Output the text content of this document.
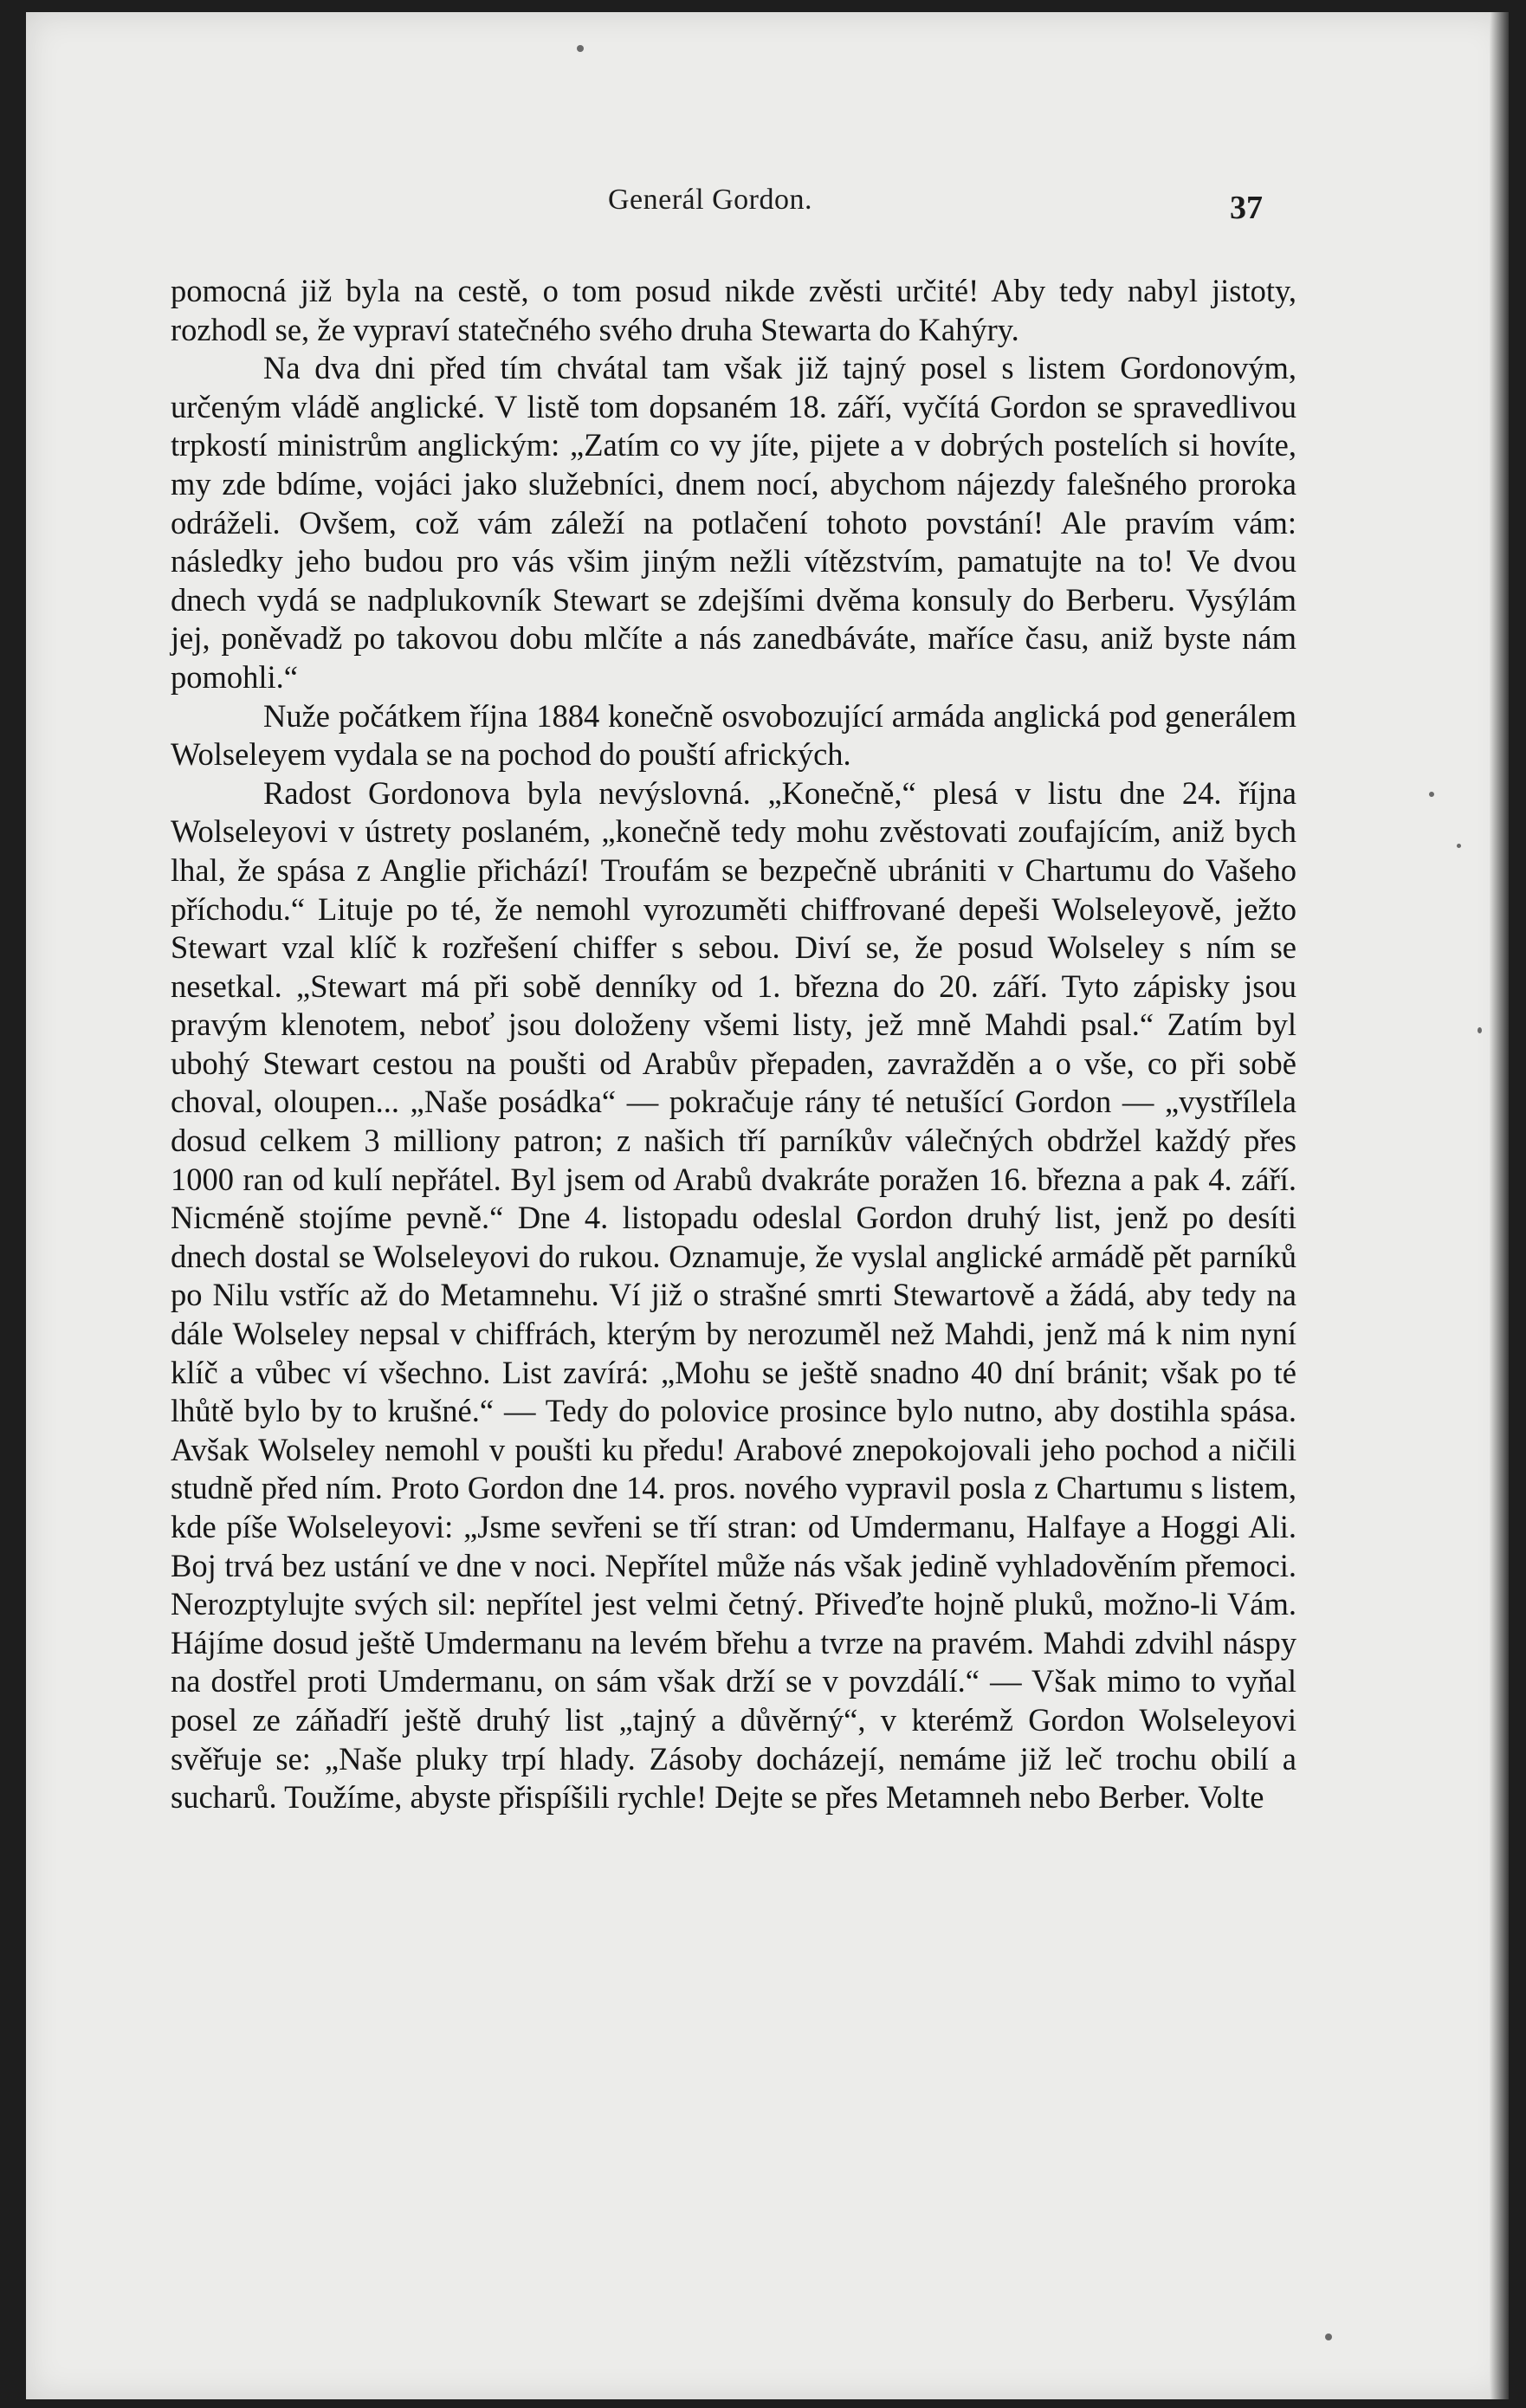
Generál Gordon.	37

pomocná již byla na cestě, o tom posud nikde zvěsti určité! Aby tedy nabyl jistoty, rozhodl se, že vypraví statečného svého druha Stewarta do Kahýry.

Na dva dni před tím chvátal tam však již tajný posel s listem Gordonovým, určeným vládě anglické. V listě tom dopsaném 18. září, vyčítá Gordon se spravedlivou trpkostí ministrům anglickým: „Zatím co vy jíte, pijete a v dobrých postelích si hovíte, my zde bdíme, vojáci jako služebníci, dnem nocí, abychom nájezdy falešného proroka odráželi. Ovšem, což vám záleží na potlačení tohoto povstání! Ale pravím vám: následky jeho budou pro vás všim jiným nežli vítězstvím, pamatujte na to! Ve dvou dnech vydá se nadplukovník Stewart se zdejšími dvěma konsuly do Berberu. Vysýlám jej, poněvadž po takovou dobu mlčíte a nás zanedbáváte, maříce času, aniž byste nám pomohli.“

Nuže počátkem října 1884 konečně osvobozující armáda anglická pod generálem Wolseleyem vydala se na pochod do pouští afrických.

Radost Gordonova byla nevýslovná. „Konečně,“ plesá v listu dne 24. října Wolseleyovi v ústrety poslaném, „konečně tedy mohu zvěstovati zoufajícím, aniž bych lhal, že spása z Anglie přichází! Troufám se bezpečně ubrániti v Chartumu do Vašeho příchodu.“ Lituje po té, že nemohl vyrozuměti chiffrované depeši Wolseleyově, ježto Stewart vzal klíč k rozřešení chiffer s sebou. Diví se, že posud Wolseley s ním se nesetkal. „Stewart má při sobě denníky od 1. března do 20. září. Tyto zápisky jsou pravým klenotem, neboť jsou doloženy všemi listy, jež mně Mahdi psal.“ Zatím byl ubohý Stewart cestou na poušti od Arabův přepaden, zavražděn a o vše, co při sobě choval, oloupen... „Naše posádka“ — pokračuje rány té netušící Gordon — „vystřílela dosud celkem 3 milliony patron; z našich tří parníkův válečných obdržel každý přes 1000 ran od kulí nepřátel. Byl jsem od Arabů dvakráte poražen 16. března a pak 4. září. Nicméně stojíme pevně.“ Dne 4. listopadu odeslal Gordon druhý list, jenž po desíti dnech dostal se Wolseleyovi do rukou. Oznamuje, že vyslal anglické armádě pět parníků po Nilu vstříc až do Metamnehu. Ví již o strašné smrti Stewartově a žádá, aby tedy na dále Wolseley nepsal v chiffrách, kterým by nerozuměl než Mahdi, jenž má k nim nyní klíč a vůbec ví všechno. List zavírá: „Mohu se ještě snadno 40 dní bránit; však po té lhůtě bylo by to krušné.“ — Tedy do polovice prosince bylo nutno, aby dostihla spása. Avšak Wolseley nemohl v poušti ku předu! Arabové znepokojovali jeho pochod a ničili studně před ním. Proto Gordon dne 14. pros. nového vypravil posla z Chartumu s listem, kde píše Wolseleyovi: „Jsme sevřeni se tří stran: od Umdermanu, Halfaye a Hoggi Ali. Boj trvá bez ustání ve dne v noci. Nepřítel může nás však jedině vyhladověním přemoci. Nerozptylujte svých sil: nepřítel jest velmi četný. Přiveďte hojně pluků, možno-li Vám. Hájíme dosud ještě Umdermanu na levém břehu a tvrze na pravém. Mahdi zdvihl náspy na dostřel proti Umdermanu, on sám však drží se v povzdálí.“ — Však mimo to vyňal posel ze záňadří ještě druhý list „tajný a důvěrný“, v kterémž Gordon Wolseleyovi svěřuje se: „Naše pluky trpí hlady. Zásoby docházejí, nemáme již leč trochu obilí a sucharů. Toužíme, abyste přispíšili rychle! Dejte se přes Metamneh nebo Berber. Volte
